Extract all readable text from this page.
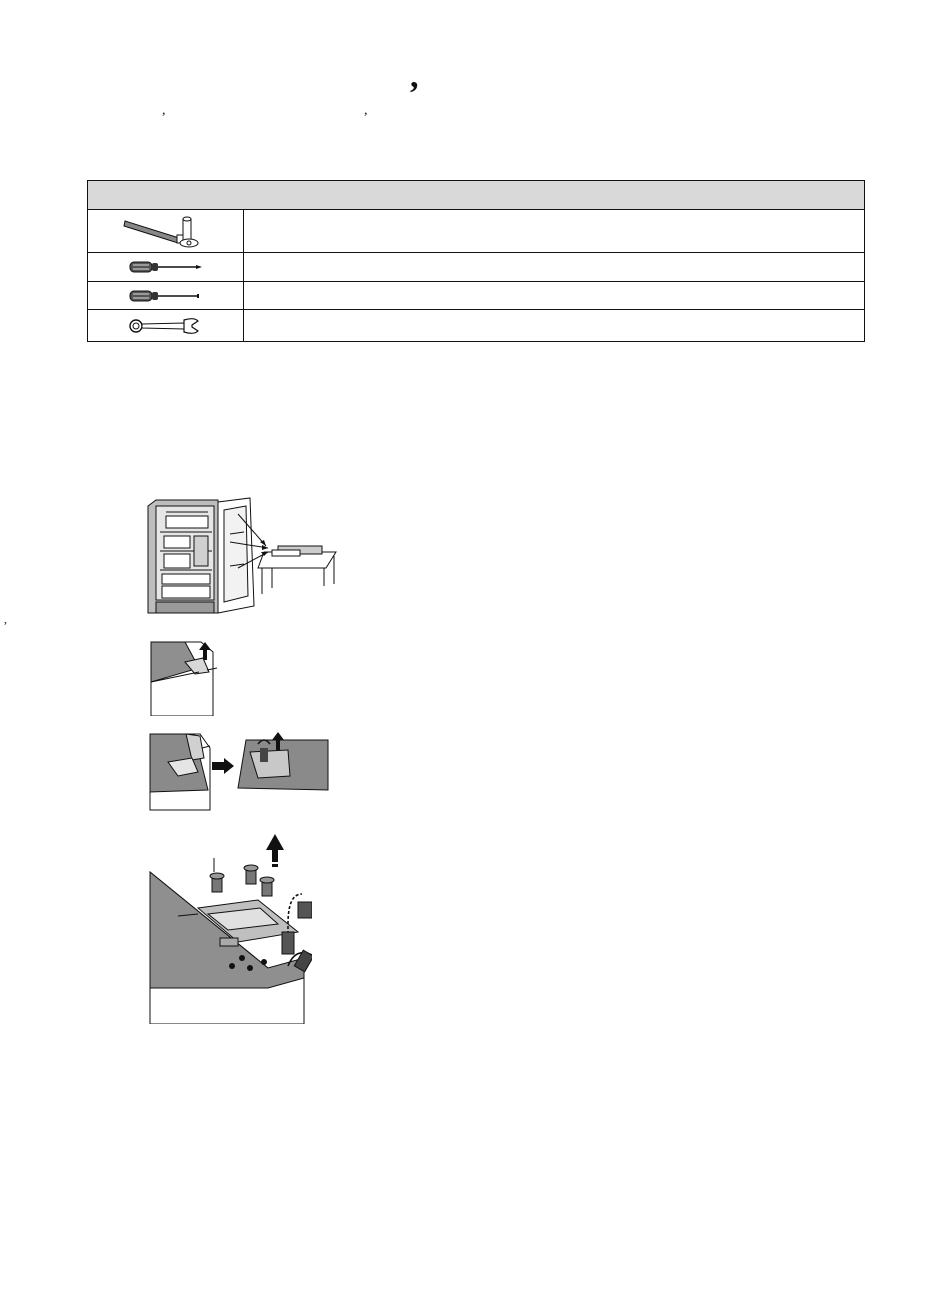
,
,	,
,
